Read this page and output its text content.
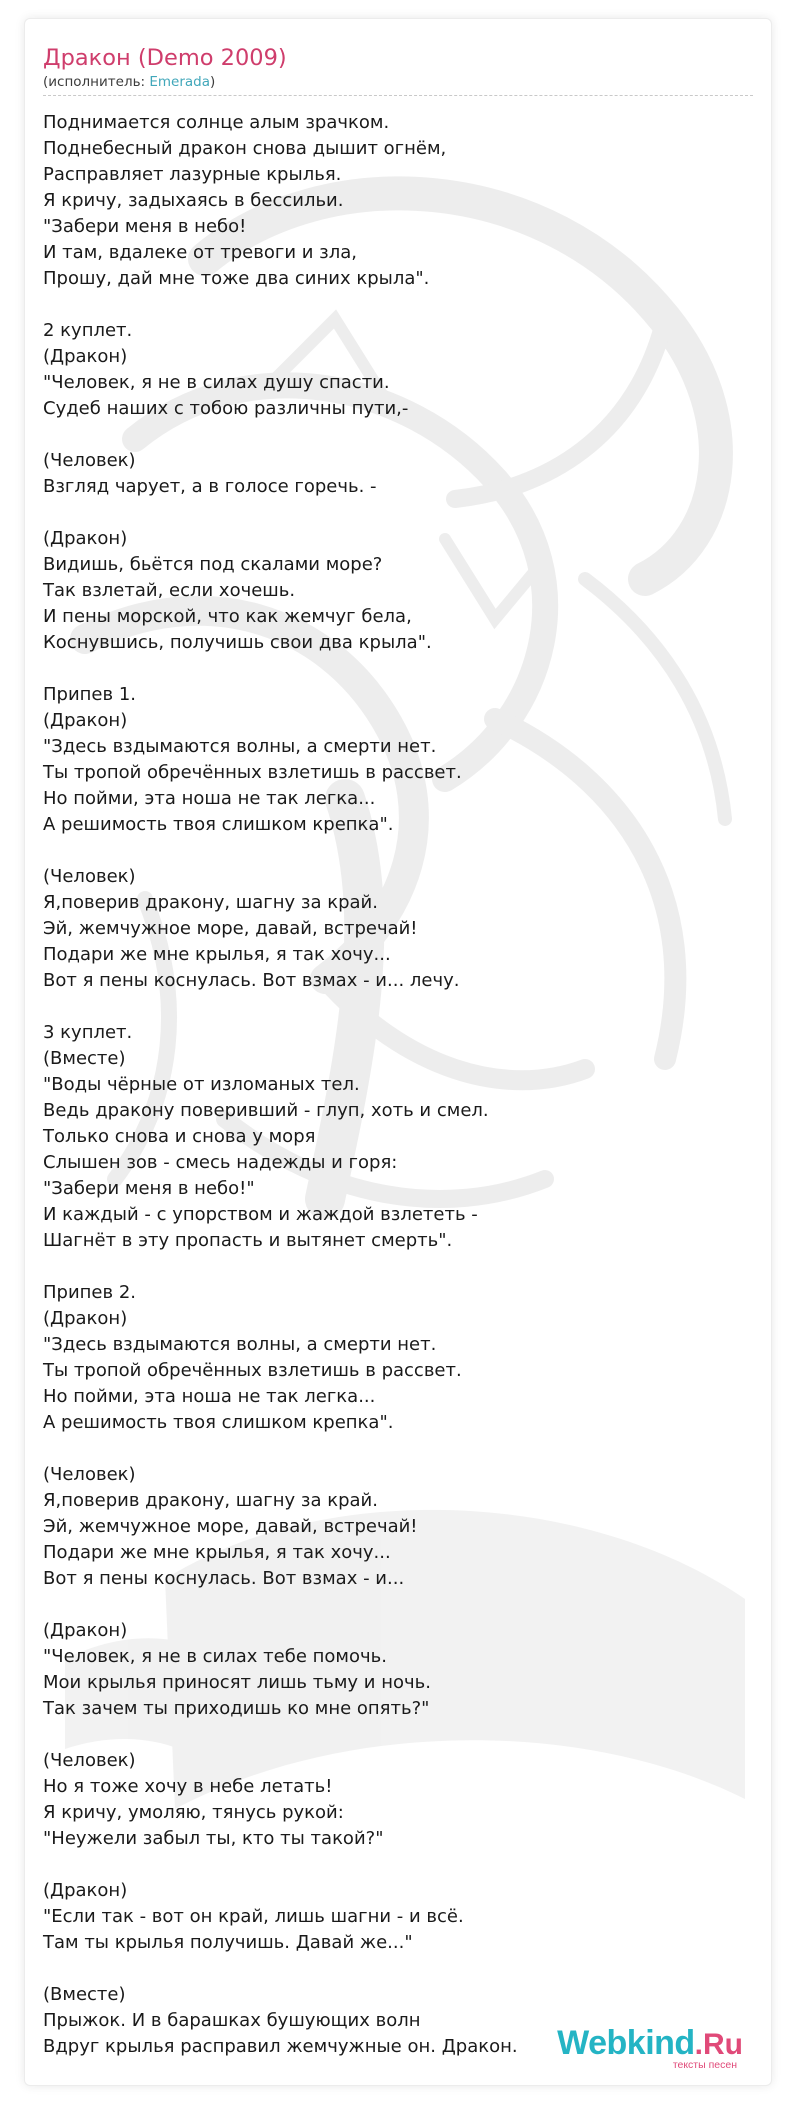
Дракон (Demo 2009)
(исполнитель: Emerada)
Поднимается солнце алым зрачком.
Поднебесный дракон снова дышит огнём,
Расправляет лазурные крылья.
Я кричу, задыхаясь в бессильи.
"Забери меня в небо!
И там, вдалеке от тревоги и зла,
Прошу, дай мне тоже два синих крыла".
2 куплет.
(Дракон)
"Человек, я не в силах душу спасти.
Судеб наших с тобою различны пути,-
(Человек)
Взгляд чарует, а в голосе горечь. -
(Дракон)
Видишь, бьётся под скалами море?
Так взлетай, если хочешь.
И пены морской, что как жемчуг бела,
Коснувшись, получишь свои два крыла".
Припев 1.
(Дракон)
"Здесь вздымаются волны, а смерти нет.
Ты тропой обречённых взлетишь в рассвет.
Но пойми, эта ноша не так легка...
А решимость твоя слишком крепка".
(Человек)
Я,поверив дракону, шагну за край.
Эй, жемчужное море, давай, встречай!
Подари же мне крылья, я так хочу...
Вот я пены коснулась. Вот взмах - и... лечу.
3 куплет.
(Вместе)
"Воды чёрные от изломаных тел.
Ведь дракону поверивший - глуп, хоть и смел.
Только снова и снова у моря
Слышен зов - смесь надежды и горя:
"Забери меня в небо!"
И каждый - с упорством и жаждой взлететь -
Шагнёт в эту пропасть и вытянет смерть".
Припев 2.
(Дракон)
"Здесь вздымаются волны, а смерти нет.
Ты тропой обречённых взлетишь в рассвет.
Но пойми, эта ноша не так легка...
А решимость твоя слишком крепка".
(Человек)
Я,поверив дракону, шагну за край.
Эй, жемчужное море, давай, встречай!
Подари же мне крылья, я так хочу...
Вот я пены коснулась. Вот взмах - и...
(Дракон)
"Человек, я не в силах тебе помочь.
Мои крылья приносят лишь тьму и ночь.
Так зачем ты приходишь ко мне опять?"
(Человек)
Но я тоже хочу в небе летать!
Я кричу, умоляю, тянусь рукой:
"Неужели забыл ты, кто ты такой?"
(Дракон)
"Если так - вот он край, лишь шагни - и всё.
Там ты крылья получишь. Давай же..."
(Вместе)
Прыжок. И в барашках бушующих волн
Вдруг крылья расправил жемчужные он. Дракон.	Webkind.Ru
тексты песен
